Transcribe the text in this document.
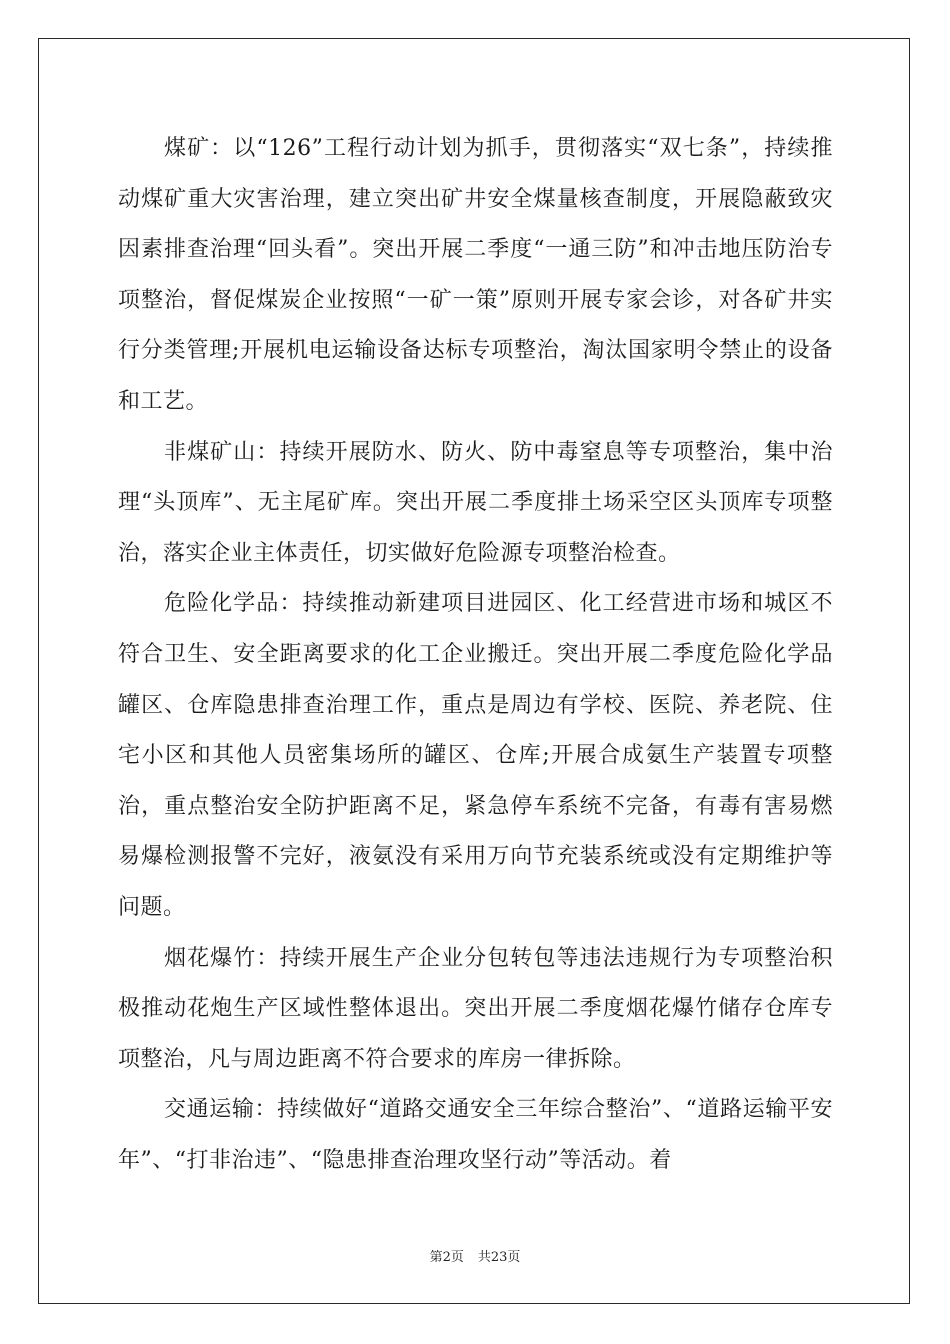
煤矿：以“126”工程行动计划为抓手，贯彻落实“双七条”，持续推动煤矿重大灾害治理，建立突出矿井安全煤量核查制度，开展隐蔽致灾因素排查治理“回头看”。突出开展二季度“一通三防”和冲击地压防治专项整治，督促煤炭企业按照“一矿一策”原则开展专家会诊，对各矿井实行分类管理;开展机电运输设备达标专项整治，淘汰国家明令禁止的设备和工艺。

非煤矿山：持续开展防水、防火、防中毒窒息等专项整治，集中治理“头顶库”、无主尾矿库。突出开展二季度排土场采空区头顶库专项整治，落实企业主体责任，切实做好危险源专项整治检查。

危险化学品：持续推动新建项目进园区、化工经营进市场和城区不符合卫生、安全距离要求的化工企业搬迁。突出开展二季度危险化学品罐区、仓库隐患排查治理工作，重点是周边有学校、医院、养老院、住宅小区和其他人员密集场所的罐区、仓库;开展合成氨生产装置专项整治，重点整治安全防护距离不足，紧急停车系统不完备，有毒有害易燃易爆检测报警不完好，液氨没有采用万向节充装系统或没有定期维护等问题。

烟花爆竹：持续开展生产企业分包转包等违法违规行为专项整治积极推动花炮生产区域性整体退出。突出开展二季度烟花爆竹储存仓库专项整治，凡与周边距离不符合要求的库房一律拆除。

交通运输：持续做好“道路交通安全三年综合整治”、“道路运输平安年”、“打非治违”、“隐患排查治理攻坚行动”等活动。着

第2页 共23页
